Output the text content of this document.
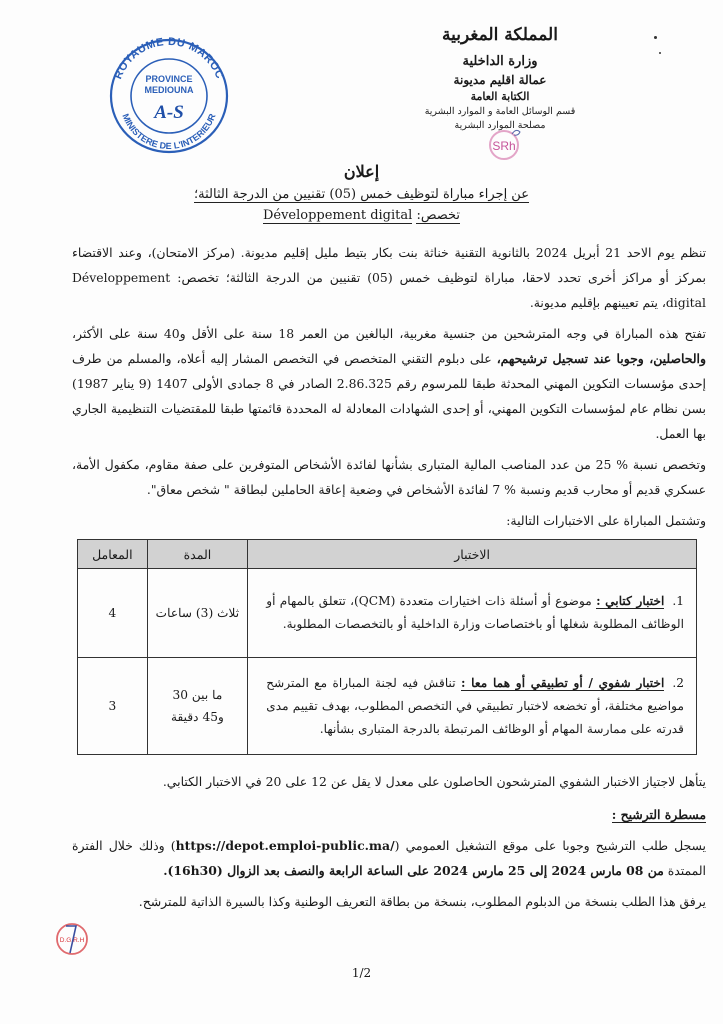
ROYAUME DU MAROC
MINISTERE DE L'INTERIEUR
PROVINCE
MEDIOUNA
A-S
المملكة المغربية
وزارة الداخلية
عمالة اقليم مديونة
الكتابة العامة
قسم الوسائل العامة و الموارد البشرية
مصلحة الموارد البشرية
SRh
إعلان
عن إجراء مباراة لتوظيف خمس (05) تقنيين من الدرجة الثالثة؛
تخصص: Développement digital

تنظم يوم الاحد 21 أبريل 2024 بالثانوية التقنية خناثة بنت بكار بتيط مليل إقليم مديونة. (مركز الامتحان)، وعند الاقتضاء بمركز أو مراكز أخرى تحدد لاحقا، مباراة لتوظيف خمس (05) تقنيين من الدرجة الثالثة؛ تخصص: Développement digital، يتم تعيينهم بإقليم مديونة.

تفتح هذه المباراة في وجه المترشحين من جنسية مغربية، البالغين من العمر 18 سنة على الأقل و40 سنة على الأكثر، والحاصلين، وجوبا عند تسجيل ترشيحهم، على دبلوم التقني المتخصص في التخصص المشار إليه أعلاه، والمسلم من طرف إحدى مؤسسات التكوين المهني المحدثة طبقا للمرسوم رقم 2.86.325 الصادر في 8 جمادى الأولى 1407 (9 يناير 1987) بسن نظام عام لمؤسسات التكوين المهني، أو إحدى الشهادات المعادلة له المحددة قائمتها طبقا للمقتضيات التنظيمية الجاري بها العمل.

وتخصص نسبة % 25 من عدد المناصب المالية المتبارى بشأنها لفائدة الأشخاص المتوفرين على صفة مقاوم، مكفول الأمة، عسكري قديم أو محارب قديم ونسبة % 7 لفائدة الأشخاص في وضعية إعاقة الحاملين لبطاقة " شخص معاق".

وتشتمل المباراة على الاختبارات التالية:

الاختبار	المدة	المعامل
1.اختبار كتابي : موضوع أو أسئلة ذات اختيارات متعددة (QCM)، تتعلق بالمهام أو الوظائف المطلوبة شغلها أو باختصاصات وزارة الداخلية أو بالتخصصات المطلوبة.	ثلاث (3) ساعات	4
2.اختبار شفوي / أو تطبيقي أو هما معا : تناقش فيه لجنة المباراة مع المترشح مواضيع مختلفة، أو تخضعه لاختبار تطبيقي في التخصص المطلوب، بهدف تقييم مدى قدرته على ممارسة المهام أو الوظائف المرتبطة بالدرجة المتبارى بشأنها.	ما بين 30 و45 دقيقة	3

يتأهل لاجتياز الاختبار الشفوي المترشحون الحاصلون على معدل لا يقل عن 12 على 20 في الاختبار الكتابي.

مسطرة الترشيح :

يسجل طلب الترشيح وجوبا على موقع التشغيل العمومي (https://depot.emploi-public.ma/) وذلك خلال الفترة الممتدة من 08 مارس 2024 إلى 25 مارس 2024 على الساعة الرابعة والنصف بعد الزوال (16h30).

يرفق هذا الطلب بنسخة من الدبلوم المطلوب، بنسخة من بطاقة التعريف الوطنية وكذا بالسيرة الذاتية للمترشح.

D.G.R.H
1/2
